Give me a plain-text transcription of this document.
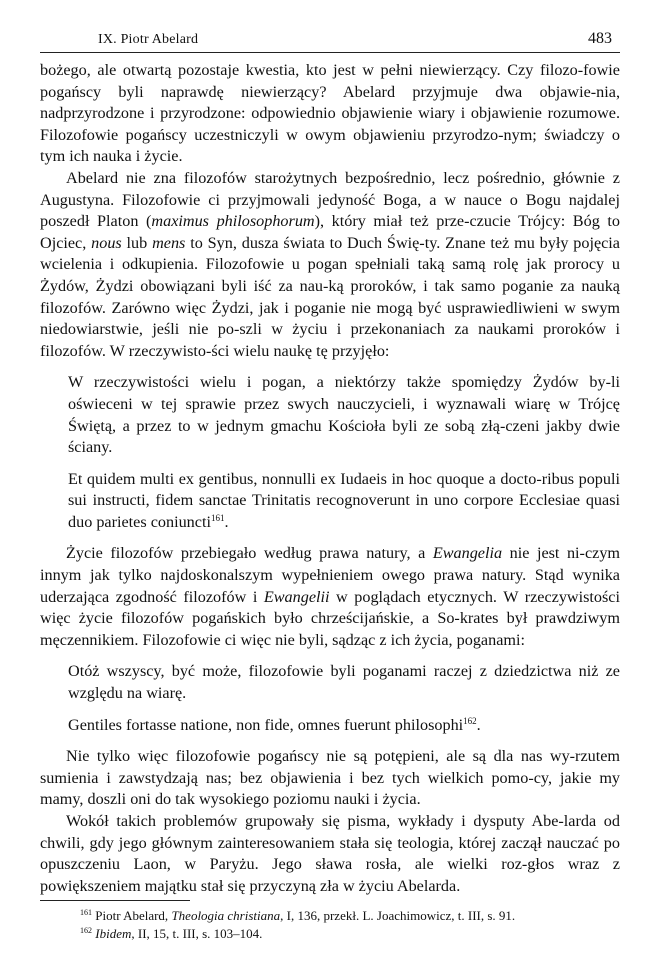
IX. Piotr Abelard	483

bożego, ale otwartą pozostaje kwestia, kto jest w pełni niewierzący. Czy filozo-fowie pogańscy byli naprawdę niewierzący? Abelard przyjmuje dwa objawie-nia, nadprzyrodzone i przyrodzone: odpowiednio objawienie wiary i objawienie rozumowe. Filozofowie pogańscy uczestniczyli w owym objawieniu przyrodzo-nym; świadczy o tym ich nauka i życie.

Abelard nie zna filozofów starożytnych bezpośrednio, lecz pośrednio, głównie z Augustyna. Filozofowie ci przyjmowali jedyność Boga, a w nauce o Bogu najdalej poszedł Platon (maximus philosophorum), który miał też prze-czucie Trójcy: Bóg to Ojciec, nous lub mens to Syn, dusza świata to Duch Świę-ty. Znane też mu były pojęcia wcielenia i odkupienia. Filozofowie u pogan spełniali taką samą rolę jak prorocy u Żydów, Żydzi obowiązani byli iść za nau-ką proroków, i tak samo poganie za nauką filozofów. Zarówno więc Żydzi, jak i poganie nie mogą być usprawiedliwieni w swym niedowiarstwie, jeśli nie po-szli w życiu i przekonaniach za naukami proroków i filozofów. W rzeczywisto-ści wielu naukę tę przyjęło:

W rzeczywistości wielu i pogan, a niektórzy także spomiędzy Żydów by-li oświeceni w tej sprawie przez swych nauczycieli, i wyznawali wiarę w Trójcę Świętą, a przez to w jednym gmachu Kościoła byli ze sobą złą-czeni jakby dwie ściany.

Et quidem multi ex gentibus, nonnulli ex Iudaeis in hoc quoque a docto-ribus populi sui instructi, fidem sanctae Trinitatis recognoverunt in uno corpore Ecclesiae quasi duo parietes coniuncti$^{161}$.

Życie filozofów przebiegało według prawa natury, a Ewangelia nie jest ni-czym innym jak tylko najdoskonalszym wypełnieniem owego prawa natury. Stąd wynika uderzająca zgodność filozofów i Ewangelii w poglądach etycznych. W rzeczywistości więc życie filozofów pogańskich było chrześcijańskie, a So-krates był prawdziwym męczennikiem. Filozofowie ci więc nie byli, sądząc z ich życia, poganami:

Otóż wszyscy, być może, filozofowie byli poganami raczej z dziedzictwa niż ze względu na wiarę.

Gentiles fortasse natione, non fide, omnes fuerunt philosophi$^{162}$.

Nie tylko więc filozofowie pogańscy nie są potępieni, ale są dla nas wy-rzutem sumienia i zawstydzają nas; bez objawienia i bez tych wielkich pomo-cy, jakie my mamy, doszli oni do tak wysokiego poziomu nauki i życia.

Wokół takich problemów grupowały się pisma, wykłady i dysputy Abe-larda od chwili, gdy jego głównym zainteresowaniem stała się teologia, której zaczął nauczać po opuszczeniu Laon, w Paryżu. Jego sława rosła, ale wielki roz-głos wraz z powiększeniem majątku stał się przyczyną zła w życiu Abelarda.

$^{161}$ Piotr Abelard, Theologia christiana, I, 136, przekł. L. Joachimowicz, t. III, s. 91.
$^{162}$ Ibidem, II, 15, t. III, s. 103–104.
